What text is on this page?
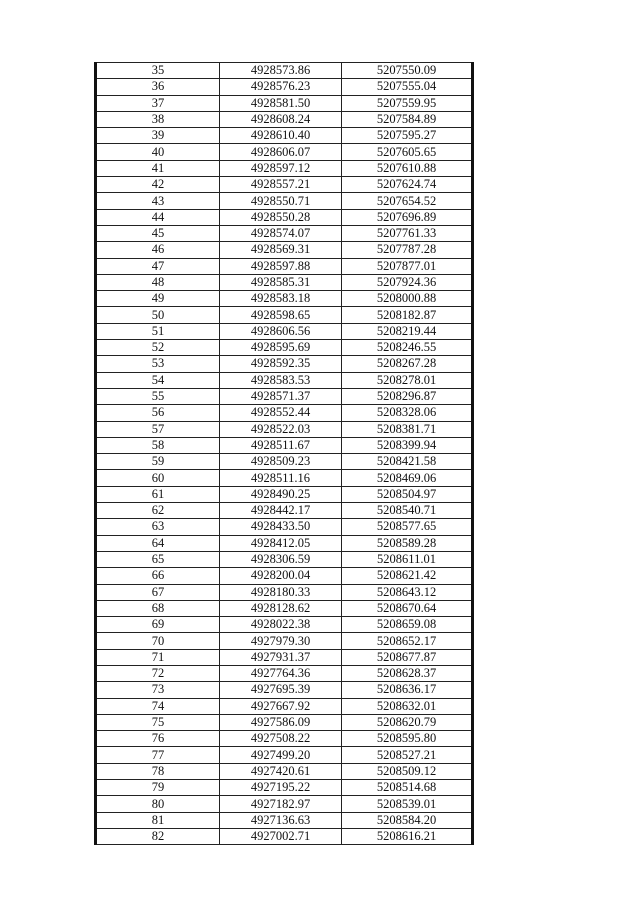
35	4928573.86	5207550.09
36	4928576.23	5207555.04
37	4928581.50	5207559.95
38	4928608.24	5207584.89
39	4928610.40	5207595.27
40	4928606.07	5207605.65
41	4928597.12	5207610.88
42	4928557.21	5207624.74
43	4928550.71	5207654.52
44	4928550.28	5207696.89
45	4928574.07	5207761.33
46	4928569.31	5207787.28
47	4928597.88	5207877.01
48	4928585.31	5207924.36
49	4928583.18	5208000.88
50	4928598.65	5208182.87
51	4928606.56	5208219.44
52	4928595.69	5208246.55
53	4928592.35	5208267.28
54	4928583.53	5208278.01
55	4928571.37	5208296.87
56	4928552.44	5208328.06
57	4928522.03	5208381.71
58	4928511.67	5208399.94
59	4928509.23	5208421.58
60	4928511.16	5208469.06
61	4928490.25	5208504.97
62	4928442.17	5208540.71
63	4928433.50	5208577.65
64	4928412.05	5208589.28
65	4928306.59	5208611.01
66	4928200.04	5208621.42
67	4928180.33	5208643.12
68	4928128.62	5208670.64
69	4928022.38	5208659.08
70	4927979.30	5208652.17
71	4927931.37	5208677.87
72	4927764.36	5208628.37
73	4927695.39	5208636.17
74	4927667.92	5208632.01
75	4927586.09	5208620.79
76	4927508.22	5208595.80
77	4927499.20	5208527.21
78	4927420.61	5208509.12
79	4927195.22	5208514.68
80	4927182.97	5208539.01
81	4927136.63	5208584.20
82	4927002.71	5208616.21
